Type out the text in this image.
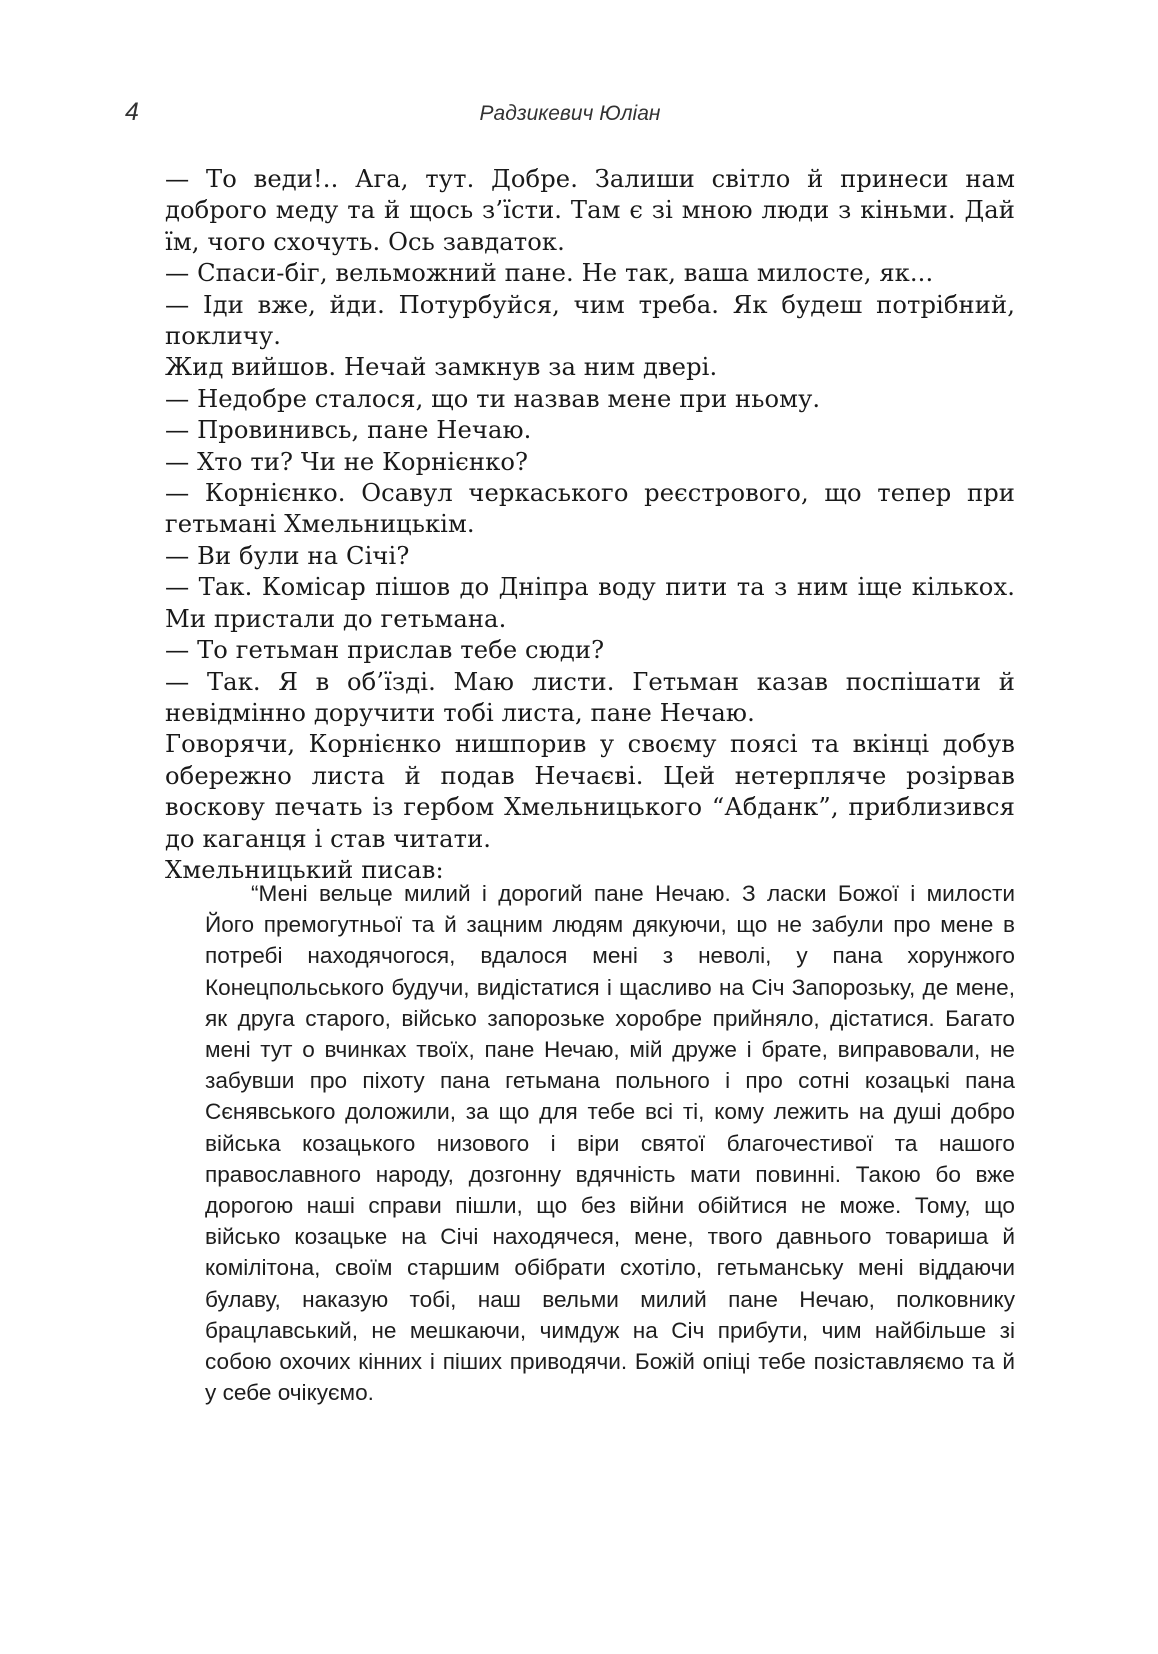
4	Радзикевич Юліан

— То веди!.. Ага, тут. Добре. Залиши світло й принеси нам доброго меду та й щось з’їсти. Там є зі мною люди з кіньми. Дай їм, чого схочуть. Ось завдаток.

— Спаси-біг, вельможний пане. Не так, ваша милосте, як...

— Іди вже, йди. Потурбуйся, чим треба. Як будеш потрібний, покличу.

Жид вийшов. Нечай замкнув за ним двері.

— Недобре сталося, що ти назвав мене при ньому.

— Провинивсь, пане Нечаю.

— Хто ти? Чи не Корнієнко?

— Корнієнко. Осавул черкаського реєстрового, що тепер при гетьмані Хмельницькім.

— Ви були на Січі?

— Так. Комісар пішов до Дніпра воду пити та з ним іще кількох. Ми пристали до гетьмана.

— То гетьман прислав тебе сюди?

— Так. Я в об’їзді. Маю листи. Гетьман казав поспішати й невідмінно доручити тобі листа, пане Нечаю.

Говорячи, Корнієнко нишпорив у своєму поясі та вкінці добув обережно листа й подав Нечаєві. Цей нетерпляче розірвав воскову печать із гербом Хмельницького “Абданк”, приблизився до каганця і став читати.

Хмельницький писав:

“Мені вельце милий і дорогий пане Нечаю. З ласки Божої і милости Його премогутньої та й зацним людям дякуючи, що не забули про мене в потребі находячогося, вдалося мені з неволі, у пана хорунжого Конецпольського будучи, видістатися і щасливо на Січ Запорозьку, де мене, як друга старого, військо запорозьке хоробре прийняло, дістатися. Багато мені тут о вчинках твоїх, пане Нечаю, мій друже і брате, виправовали, не забувши про піхоту пана гетьмана польного і про сотні козацькі пана Сєнявського доложили, за що для тебе всі ті, кому лежить на душі добро війська козацького низового і віри святої благочестивої та нашого православного народу, дозгонну вдячність мати повинні. Такою бо вже дорогою наші справи пішли, що без війни обійтися не може. Тому, що військо козацьке на Січі находячеся, мене, твого давнього товариша й комілітона, своїм старшим обібрати схотіло, гетьманську мені віддаючи булаву, наказую тобі, наш вельми милий пане Нечаю, полковнику брацлавський, не мешкаючи, чимдуж на Січ прибути, чим найбільше зі собою охочих кінних і піших приводячи. Божій опіці тебе позіставляємо та й у себе очікуємо.
